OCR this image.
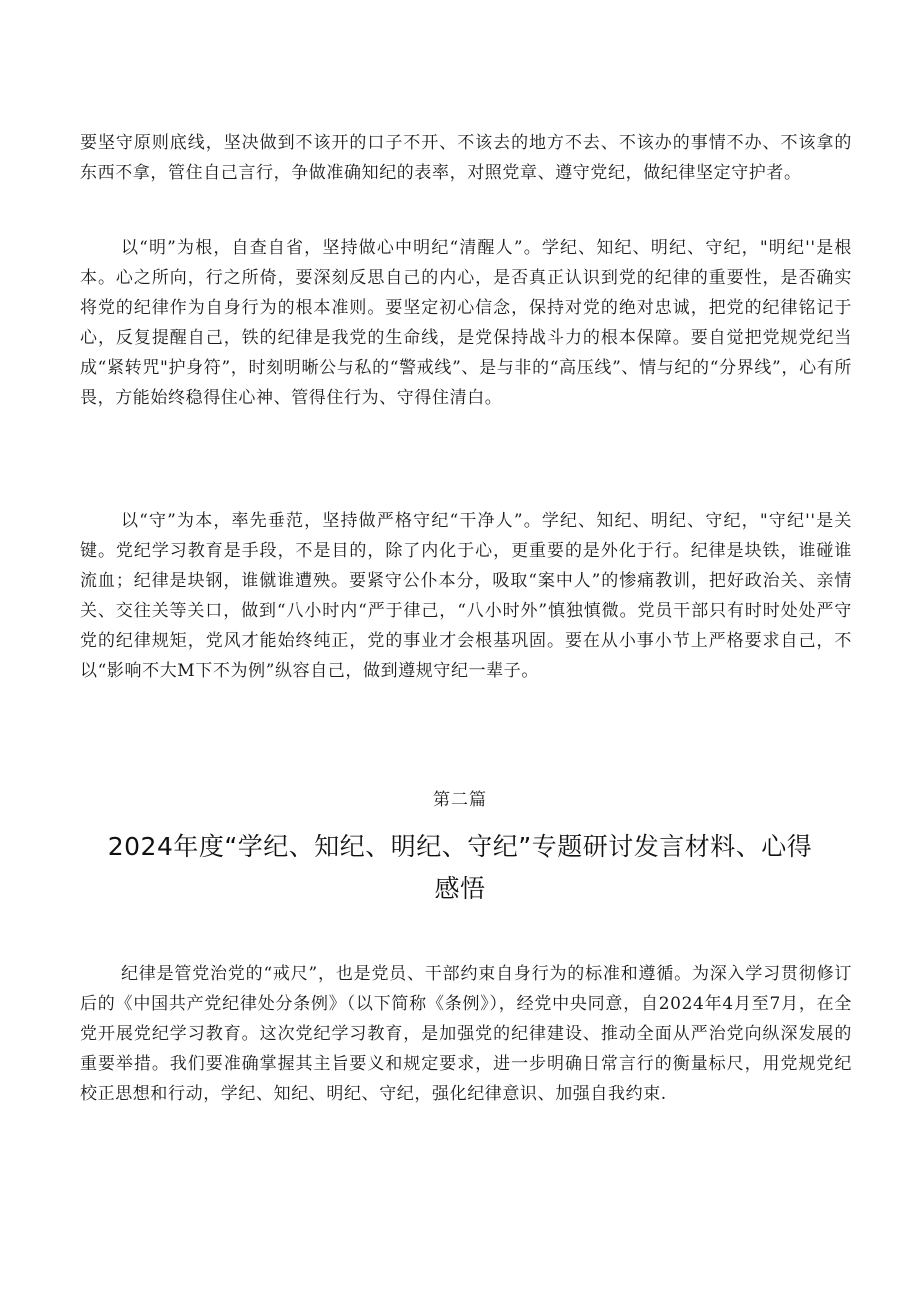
要坚守原则底线，坚决做到不该开的口子不开、不该去的地方不去、不该办的事情不办、不该拿的东西不拿，管住自己言行，争做准确知纪的表率，对照党章、遵守党纪，做纪律坚定守护者。

以“明”为根，自查自省，坚持做心中明纪“清醒人”。学纪、知纪、明纪、守纪，"明纪''是根本。心之所向，行之所倚，要深刻反思自己的内心，是否真正认识到党的纪律的重要性，是否确实将党的纪律作为自身行为的根本准则。要坚定初心信念，保持对党的绝对忠诚，把党的纪律铭记于心，反复提醒自己，铁的纪律是我党的生命线，是党保持战斗力的根本保障。要自觉把党规党纪当成“紧转咒"护身符”，时刻明晰公与私的“警戒线”、是与非的“高压线”、情与纪的“分界线”，心有所畏，方能始终稳得住心神、管得住行为、守得住清白。

以“守”为本，率先垂范，坚持做严格守纪“干净人”。学纪、知纪、明纪、守纪，"守纪''是关键。党纪学习教育是手段，不是目的，除了内化于心，更重要的是外化于行。纪律是块铁，谁碰谁流血；纪律是块钢，谁僦谁遭殃。要紧守公仆本分，吸取“案中人”的惨痛教训，把好政治关、亲情关、交往关等关口，做到“八小时内“严于律己，“八小时外”慎独慎微。党员干部只有时时处处严守党的纪律规矩，党风才能始终纯正，党的事业才会根基巩固。要在从小事小节上严格要求自己，不以“影响不大M下不为例”纵容自己，做到遵规守纪一辈子。

第二篇

2024年度“学纪、知纪、明纪、守纪”专题研讨发言材料、心得感悟

纪律是管党治党的“戒尺”，也是党员、干部约束自身行为的标准和遵循。为深入学习贯彻修订后的《中国共产党纪律处分条例》（以下简称《条例》），经党中央同意，自2024年4月至7月，在全党开展党纪学习教育。这次党纪学习教育，是加强党的纪律建设、推动全面从严治党向纵深发展的重要举措。我们要准确掌握其主旨要义和规定要求，进一步明确日常言行的衡量标尺，用党规党纪校正思想和行动，学纪、知纪、明纪、守纪，强化纪律意识、加强自我约束.
